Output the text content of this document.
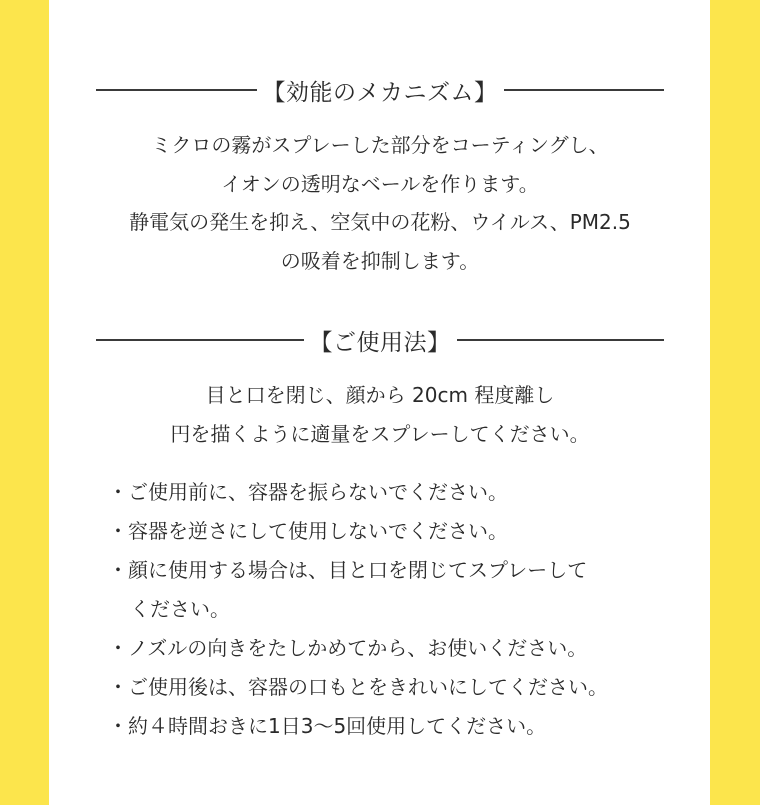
【効能のメカニズム】

ミクロの霧がスプレーした部分をコーティングし、
イオンの透明なベールを作ります。
静電気の発生を抑え、空気中の花粉、ウイルス、PM2.5
の吸着を抑制します。

【ご使用法】

目と口を閉じ、顔から 20cm 程度離し
円を描くように適量をスプレーしてください。

・ご使用前に、容器を振らないでください。
・容器を逆さにして使用しないでください。
・顔に使用する場合は、目と口を閉じてスプレーして
ください。
・ノズルの向きをたしかめてから、お使いください。
・ご使用後は、容器の口もとをきれいにしてください。
・約４時間おきに1日3～5回使用してください。
